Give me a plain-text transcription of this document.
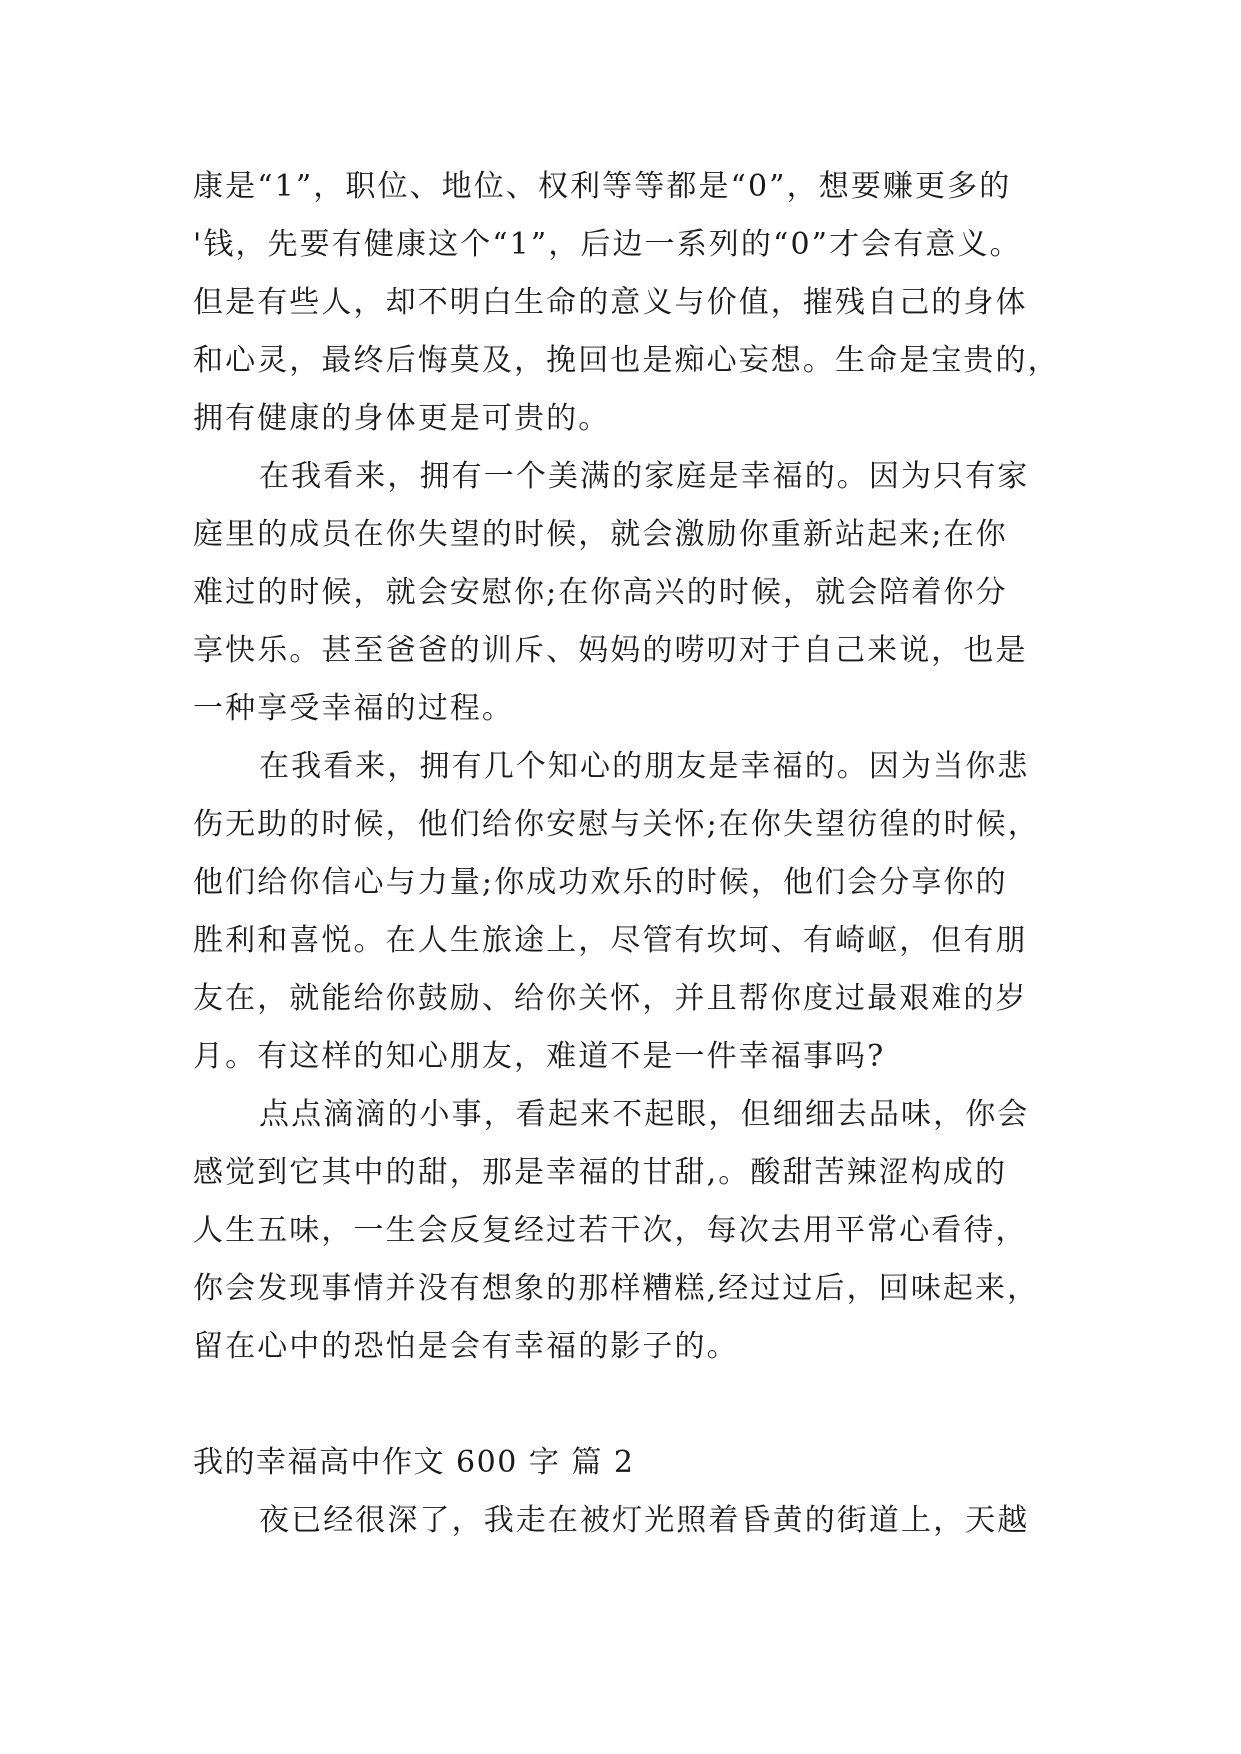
康是“1”，职位、地位、权利等等都是“0”，想要赚更多的
'钱，先要有健康这个“1”，后边一系列的“0”才会有意义。
但是有些人，却不明白生命的意义与价值，摧残自己的身体
和心灵，最终后悔莫及，挽回也是痴心妄想。生命是宝贵的，
拥有健康的身体更是可贵的。
在我看来，拥有一个美满的家庭是幸福的。因为只有家
庭里的成员在你失望的时候，就会激励你重新站起来;在你
难过的时候，就会安慰你;在你高兴的时候，就会陪着你分
享快乐。甚至爸爸的训斥、妈妈的唠叨对于自己来说，也是
一种享受幸福的过程。
在我看来，拥有几个知心的朋友是幸福的。因为当你悲
伤无助的时候，他们给你安慰与关怀;在你失望彷徨的时候，
他们给你信心与力量;你成功欢乐的时候，他们会分享你的
胜利和喜悦。在人生旅途上，尽管有坎坷、有崎岖，但有朋
友在，就能给你鼓励、给你关怀，并且帮你度过最艰难的岁
月。有这样的知心朋友，难道不是一件幸福事吗?
点点滴滴的小事，看起来不起眼，但细细去品味，你会
感觉到它其中的甜，那是幸福的甘甜,。酸甜苦辣涩构成的
人生五味，一生会反复经过若干次，每次去用平常心看待，
你会发现事情并没有想象的那样糟糕,经过过后，回味起来，
留在心中的恐怕是会有幸福的影子的。
我的幸福高中作文 600 字 篇 2
夜已经很深了，我走在被灯光照着昏黄的街道上，天越
